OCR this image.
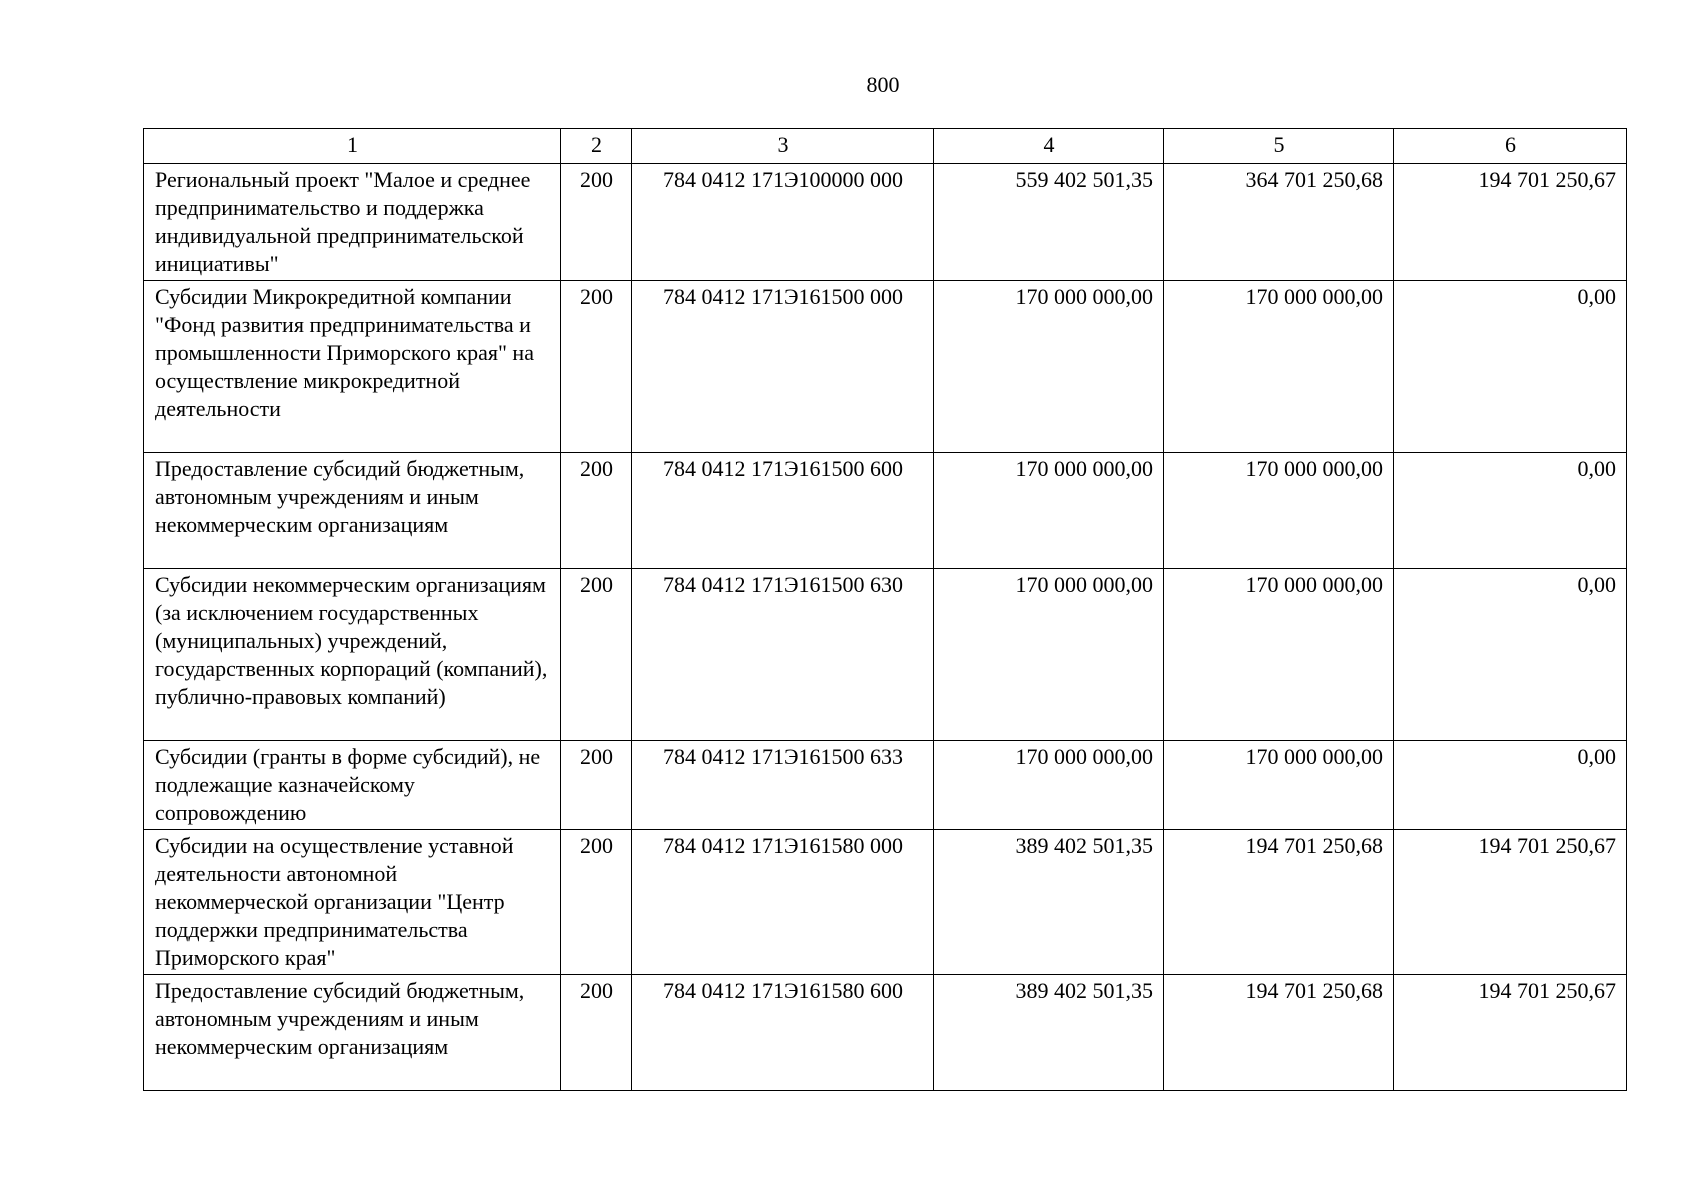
800
1	2	3	4	5	6
Региональный проект "Малое и среднее предпринимательство и поддержка индивидуальной предпринимательской инициативы"	200	784 0412 171Э100000 000	559 402 501,35	364 701 250,68	194 701 250,67
Субсидии Микрокредитной компании "Фонд развития предпринимательства и промышленности Приморского края" на осуществление микрокредитной деятельности	200	784 0412 171Э161500 000	170 000 000,00	170 000 000,00	0,00
Предоставление субсидий бюджетным, автономным учреждениям и иным некоммерческим организациям	200	784 0412 171Э161500 600	170 000 000,00	170 000 000,00	0,00
Субсидии некоммерческим организациям (за исключением государственных (муниципальных) учреждений, государственных корпораций (компаний), публично-правовых компаний)	200	784 0412 171Э161500 630	170 000 000,00	170 000 000,00	0,00
Субсидии (гранты в форме субсидий), не подлежащие казначейскому сопровождению	200	784 0412 171Э161500 633	170 000 000,00	170 000 000,00	0,00
Субсидии на осуществление уставной деятельности автономной некоммерческой организации "Центр поддержки предпринимательства Приморского края"	200	784 0412 171Э161580 000	389 402 501,35	194 701 250,68	194 701 250,67
Предоставление субсидий бюджетным, автономным учреждениям и иным некоммерческим организациям	200	784 0412 171Э161580 600	389 402 501,35	194 701 250,68	194 701 250,67
